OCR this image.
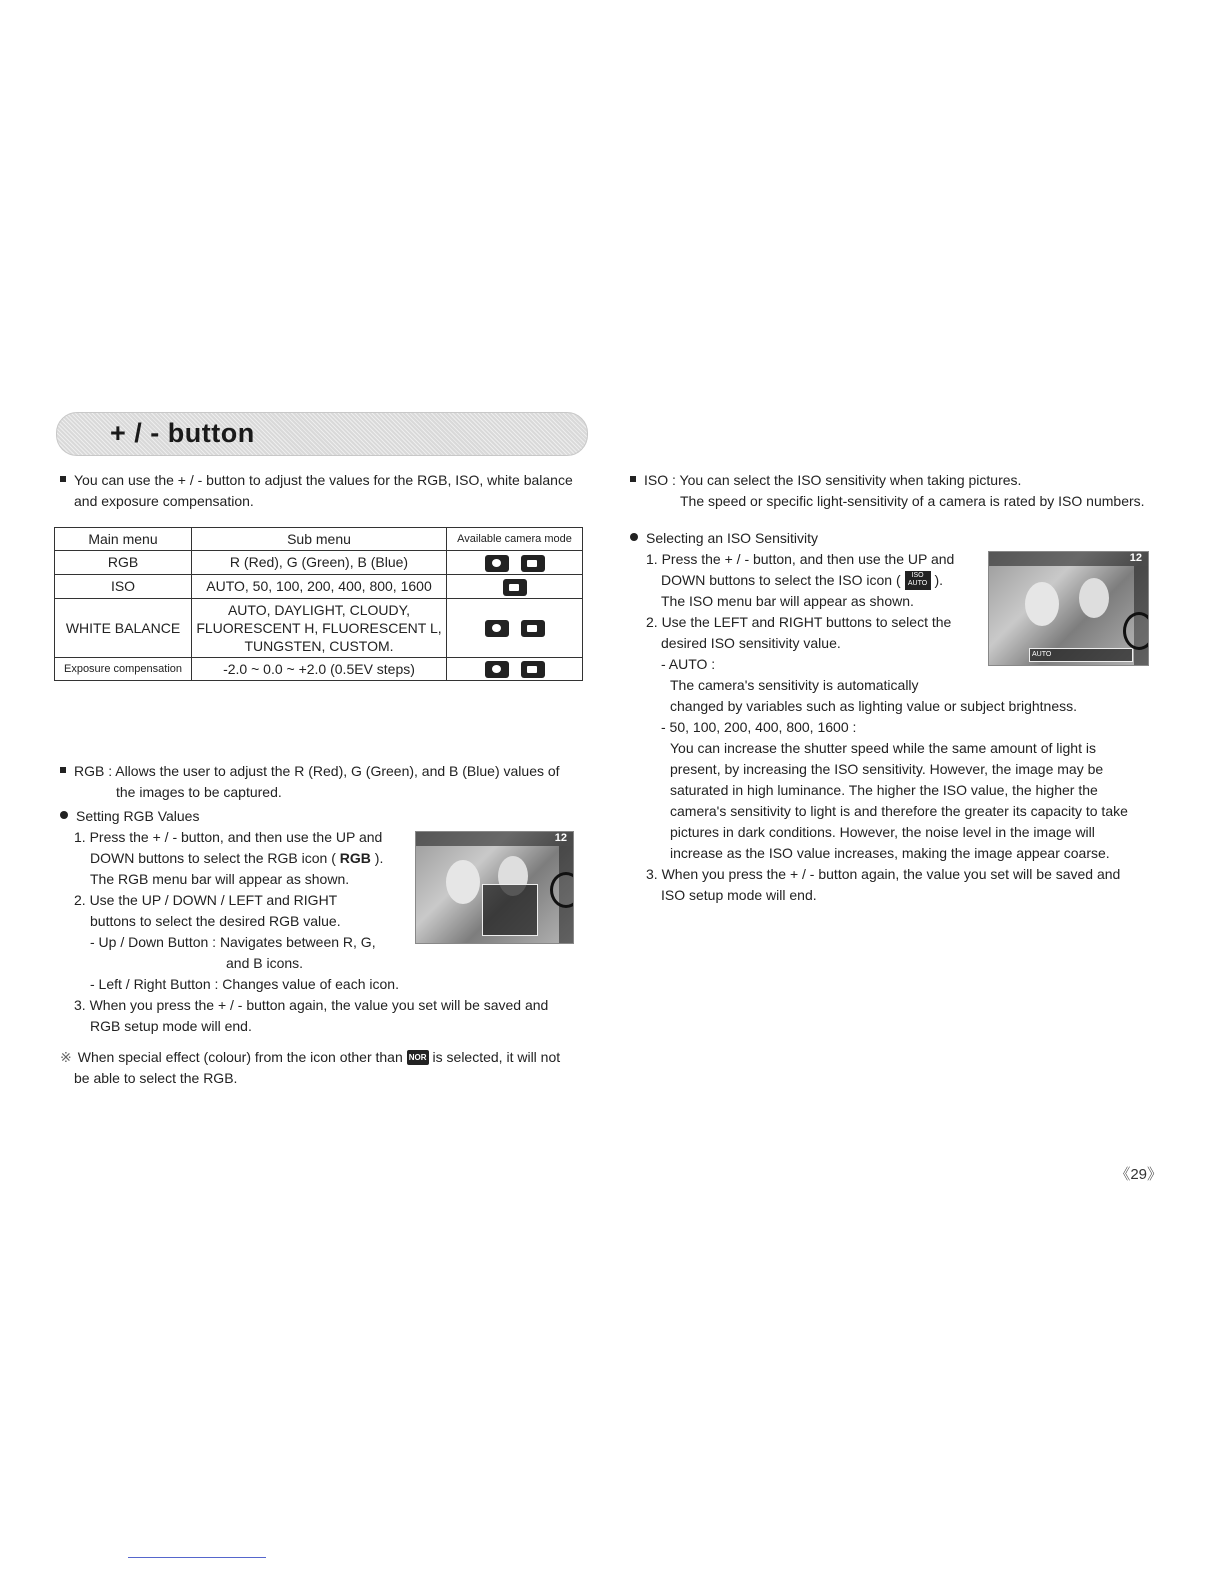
+ / - button
You can use the + / - button to adjust the values for the RGB, ISO, white balance
and exposure compensation.
Main menu	Sub menu	Available camera mode
RGB	R (Red), G (Green), B (Blue)	
ISO	AUTO, 50, 100, 200, 400, 800, 1600	
WHITE BALANCE	AUTO, DAYLIGHT, CLOUDY,
FLUORESCENT H, FLUORESCENT L,
TUNGSTEN, CUSTOM.	

Exposure compensation	-2.0 ~ 0.0 ~ +2.0 (0.5EV steps)	
RGB : Allows the user to adjust the R (Red), G (Green), and B (Blue) values of
the images to be captured.
Setting RGB Values
1. Press the + / - button, and then use the UP and
DOWN buttons to select the RGB icon ( RGB ).
The RGB menu bar will appear as shown.
2. Use the UP / DOWN / LEFT and RIGHT
buttons to select the desired RGB value.
- Up / Down Button : Navigates between R, G,
and B icons.
- Left / Right Button : Changes value of each icon.
3. When you press the + / - button again, the value you set will be saved and
RGB setup mode will end.
※ When special effect (colour) from the icon other than NOR is selected, it will not
be able to select the RGB.
12
ISO : You can select the ISO sensitivity when taking pictures.
The speed or specific light-sensitivity of a camera is rated by ISO numbers.
Selecting an ISO Sensitivity
1. Press the + / - button, and then use the UP and
DOWN buttons to select the ISO icon (	ISO
AUTO ).
The ISO menu bar will appear as shown.
2. Use the LEFT and RIGHT buttons to select the
desired ISO sensitivity value.
- AUTO :
The camera's sensitivity is automatically
changed by variables such as lighting value or subject brightness.
- 50, 100, 200, 400, 800, 1600 :
You can increase the shutter speed while the same amount of light is
present, by increasing the ISO sensitivity. However, the image may be
saturated in high luminance. The higher the ISO value, the higher the
camera's sensitivity to light is and therefore the greater its capacity to take
pictures in dark conditions. However, the noise level in the image will
increase as the ISO value increases, making the image appear coarse.
3. When you press the + / - button again, the value you set will be saved and
ISO setup mode will end.
12
AUTO
《29》
